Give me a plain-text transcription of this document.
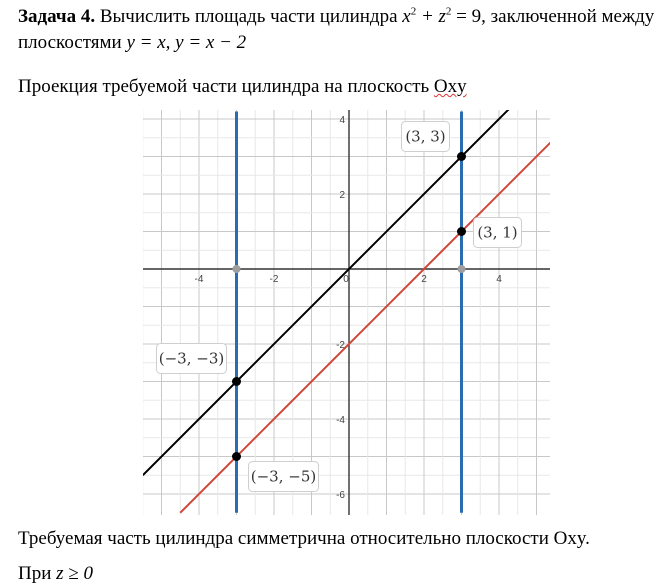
Задача 4. Вычислить площадь части цилиндра $x^2 + z^2 = 9$, заключенной между
плоскостями y = x, y = x − 2
Проекция требуемой части цилиндра на плоскость Oxy
-4	-2	0	2	4
4
2
-2
-4
-6
(3, 3)
(3, 1)
(−3, −3)
(−3, −5)
Требуемая часть цилиндра симметрична относительно плоскости Oxy.
При z ≥ 0
